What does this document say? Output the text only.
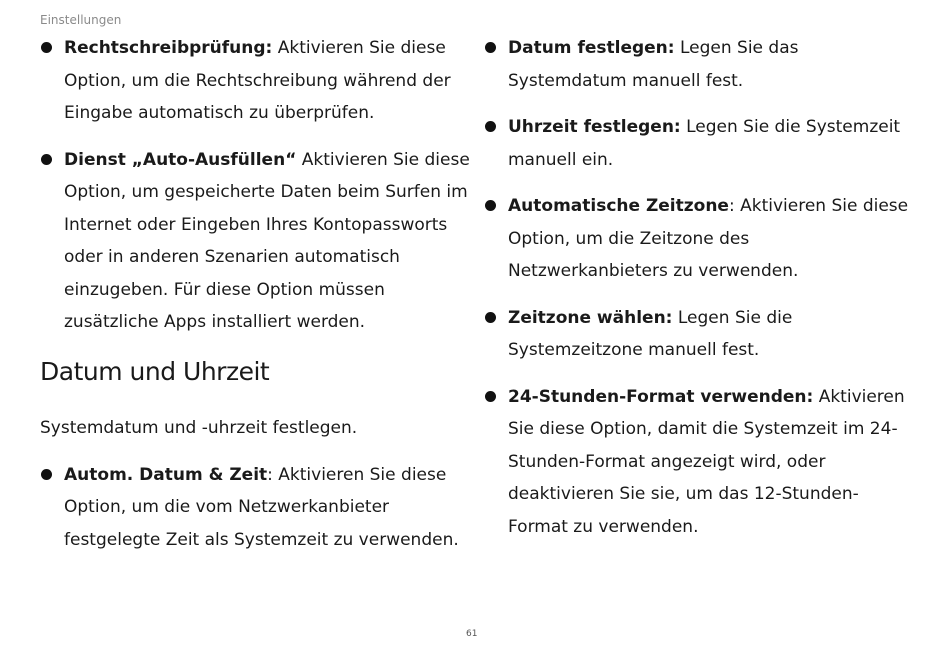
Einstellungen
Rechtschreibprüfung: Aktivieren Sie diese Option, um die Rechtschreibung während der Eingabe automatisch zu überprüfen.
Dienst „Auto-Ausfüllen“ Aktivieren Sie diese Option, um gespeicherte Daten beim Surfen im Internet oder Eingeben Ihres Kontopassworts oder in anderen Szenarien automatisch einzugeben. Für diese Option müssen zusätzliche Apps installiert werden.
Datum und Uhrzeit
Systemdatum und -uhrzeit festlegen.
Autom. Datum & Zeit: Aktivieren Sie diese Option, um die vom Netzwerkanbieter festgelegte Zeit als Systemzeit zu verwenden.
Datum festlegen: Legen Sie das Systemdatum manuell fest.
Uhrzeit festlegen: Legen Sie die Systemzeit manuell ein.
Automatische Zeitzone: Aktivieren Sie diese Option, um die Zeitzone des Netzwerkanbieters zu verwenden.
Zeitzone wählen: Legen Sie die Systemzeitzone manuell fest.
24-Stunden-Format verwenden: Aktivieren Sie diese Option, damit die Systemzeit im 24-Stunden-Format angezeigt wird, oder deaktivieren Sie sie, um das 12-Stunden-Format zu verwenden.
61
